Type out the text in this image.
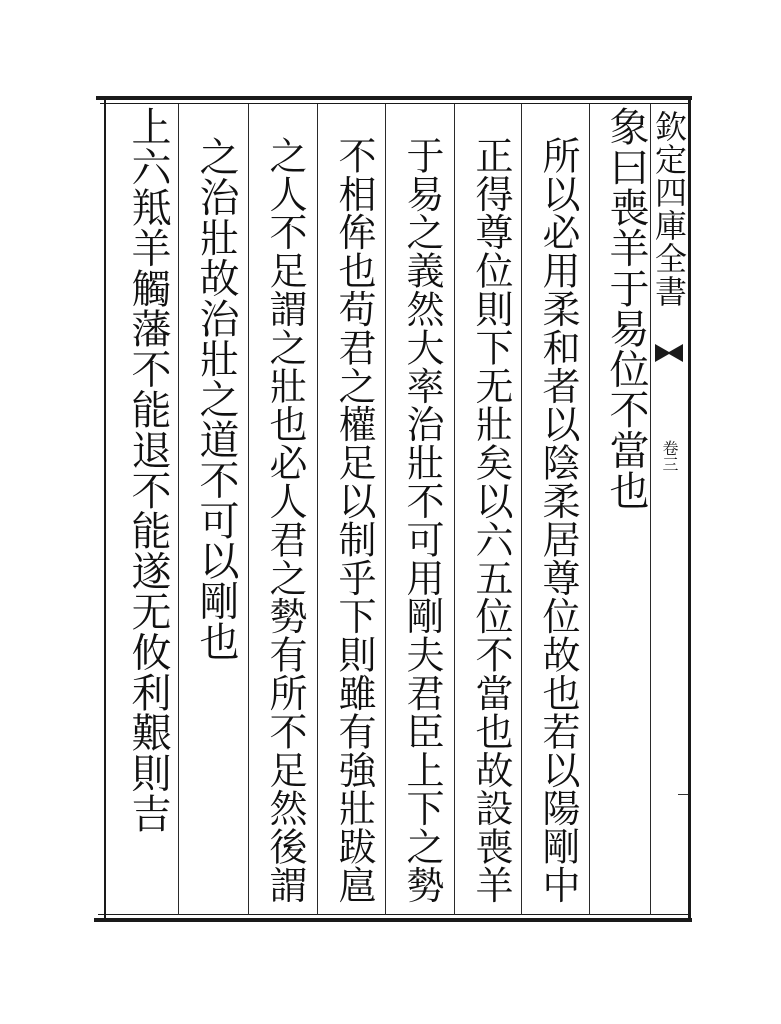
欽定四庫全書
卷三
象曰喪羊于易位不當也
所以必用柔和者以陰柔居尊位故也若以陽剛中
正得尊位則下无壯矣以六五位不當也故設喪羊
于易之義然大率治壯不可用剛夫君臣上下之勢
不相侔也苟君之權足以制乎下則雖有強壯跋扈
之人不足謂之壯也必人君之勢有所不足然後謂
之治壯故治壯之道不可以剛也
上六羝羊觸藩不能退不能遂无攸利艱則吉
